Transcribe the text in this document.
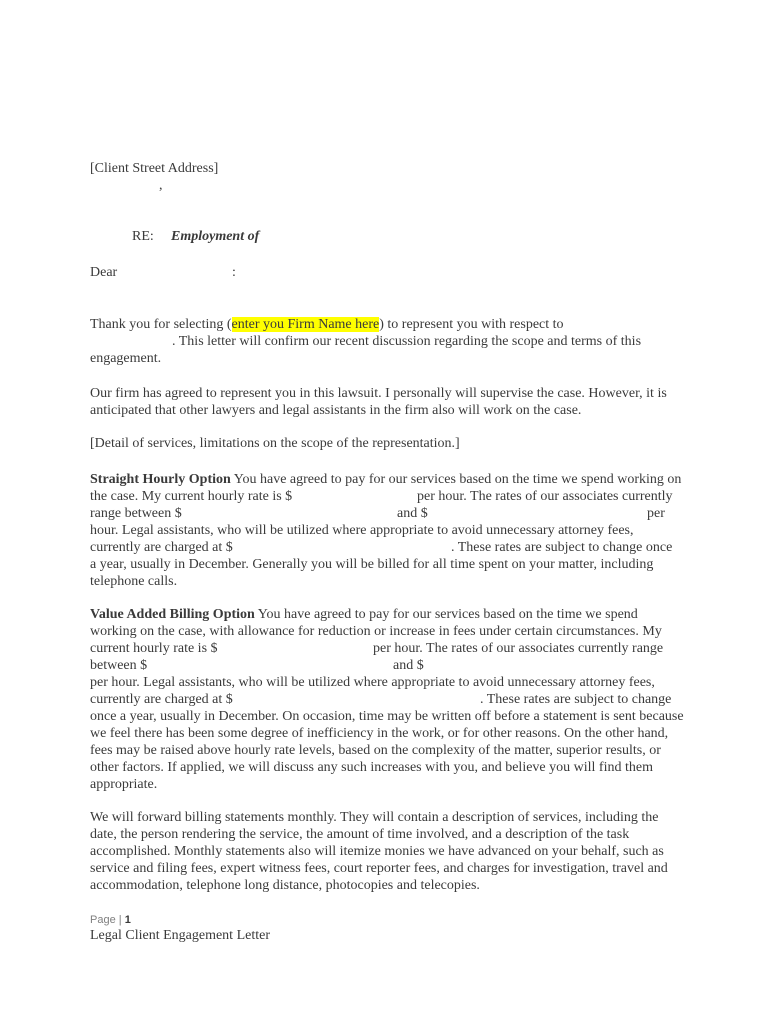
[Client Street Address]
,
RE: Employment of
Dear	:
Thank you for selecting (enter you Firm Name here) to represent you with respect to
. This letter will confirm our recent discussion regarding the scope and terms of this
engagement.

Our firm has agreed to represent you in this lawsuit. I personally will supervise the case. However, it is anticipated that other lawyers and legal assistants in the firm also will work on the case.

[Detail of services, limitations on the scope of the representation.]
Straight Hourly Option You have agreed to pay for our services based on the time we spend working on
the case. My current hourly rate is $	per hour. The rates of our associates currently
range between $	and $	per
hour. Legal assistants, who will be utilized where appropriate to avoid unnecessary attorney fees,
currently are charged at $	. These rates are subject to change once
a year, usually in December. Generally you will be billed for all time spent on your matter, including
telephone calls.
Value Added Billing Option You have agreed to pay for our services based on the time we spend
working on the case, with allowance for reduction or increase in fees under certain circumstances. My
current hourly rate is $	per hour. The rates of our associates currently range
between $	and $
per hour. Legal assistants, who will be utilized where appropriate to avoid unnecessary attorney fees,
currently are charged at $	. These rates are subject to change
once a year, usually in December. On occasion, time may be written off before a statement is sent because
we feel there has been some degree of inefficiency in the work, or for other reasons. On the other hand,
fees may be raised above hourly rate levels, based on the complexity of the matter, superior results, or
other factors. If applied, we will discuss any such increases with you, and believe you will find them
appropriate.
We will forward billing statements monthly. They will contain a description of services, including the
date, the person rendering the service, the amount of time involved, and a description of the task
accomplished. Monthly statements also will itemize monies we have advanced on your behalf, such as
service and filing fees, expert witness fees, court reporter fees, and charges for investigation, travel and
accommodation, telephone long distance, photocopies and telecopies.
Page | 1
Legal Client Engagement Letter
